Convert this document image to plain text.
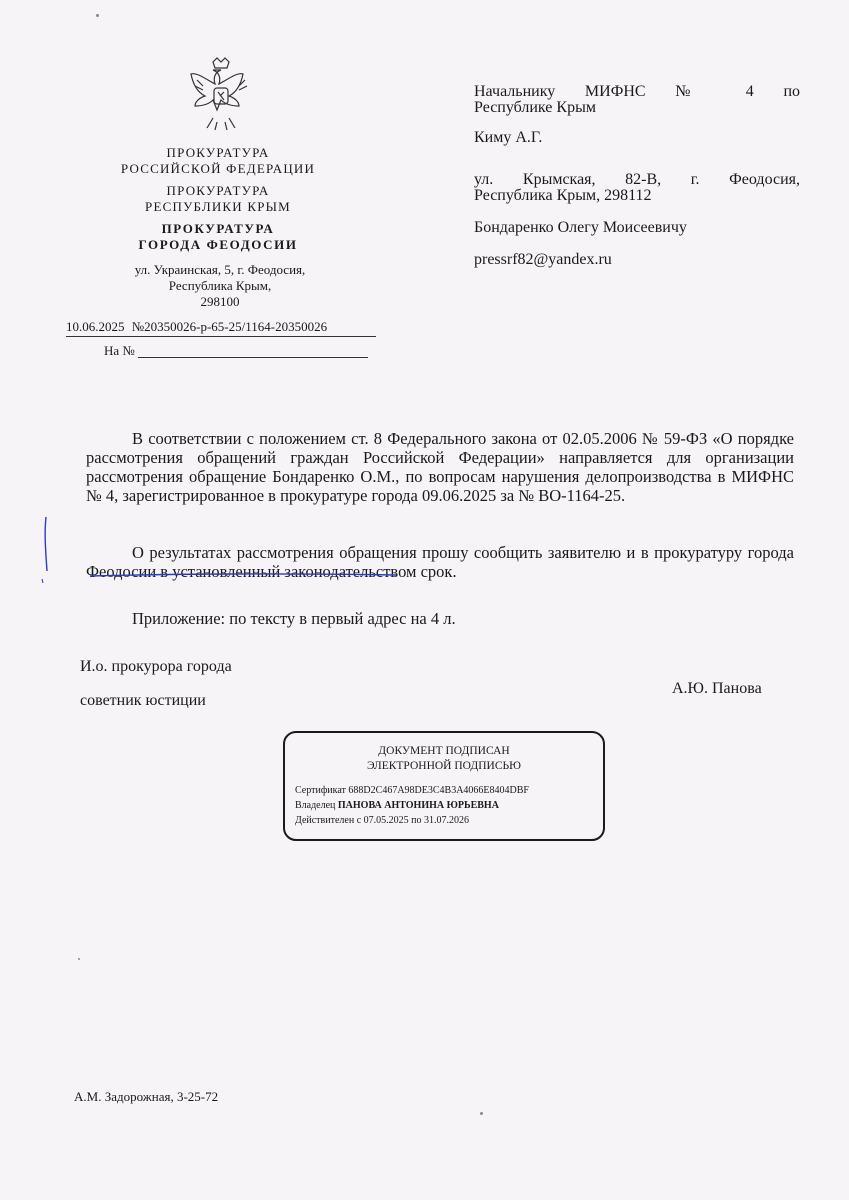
ПРОКУРАТУРА
РОССИЙСКОЙ ФЕДЕРАЦИИ
ПРОКУРАТУРА
РЕСПУБЛИКИ КРЫМ
ПРОКУРАТУРА
ГОРОДА ФЕОДОСИИ
ул. Украинская, 5, г. Феодосия,
Республика Крым,
298100
10.06.2025 №20350026-р-65-25/1164-20350026
На №
Начальнику МИФНС № 4 по
Республике Крым
Киму А.Г.
ул. Крымская, 82-В, г. Феодосия,
Республика Крым, 298112
Бондаренко Олегу Моисеевичу
pressrf82@yandex.ru
В соответствии с положением ст. 8 Федерального закона от 02.05.2006 № 59-ФЗ «О порядке рассмотрения обращений граждан Российской Федерации» направляется для организации рассмотрения обращение Бондаренко О.М., по вопросам нарушения делопроизводства в МИФНС № 4, зарегистрированное в прокуратуре города 09.06.2025 за № ВО-1164-25.
О результатах рассмотрения обращения прошу сообщить заявителю и в прокуратуру города Феодосии в установленный законодательством срок.
Приложение: по тексту в первый адрес на 4 л.
И.о. прокурора города
советник юстиции
А.Ю. Панова
ДОКУМЕНТ ПОДПИСАН
ЭЛЕКТРОННОЙ ПОДПИСЬЮ
Сертификат 688D2C467A98DE3C4B3A4066E8404DBF
Владелец ПАНОВА АНТОНИНА ЮРЬЕВНА
Действителен с 07.05.2025 по 31.07.2026
А.М. Задорожная, 3-25-72
